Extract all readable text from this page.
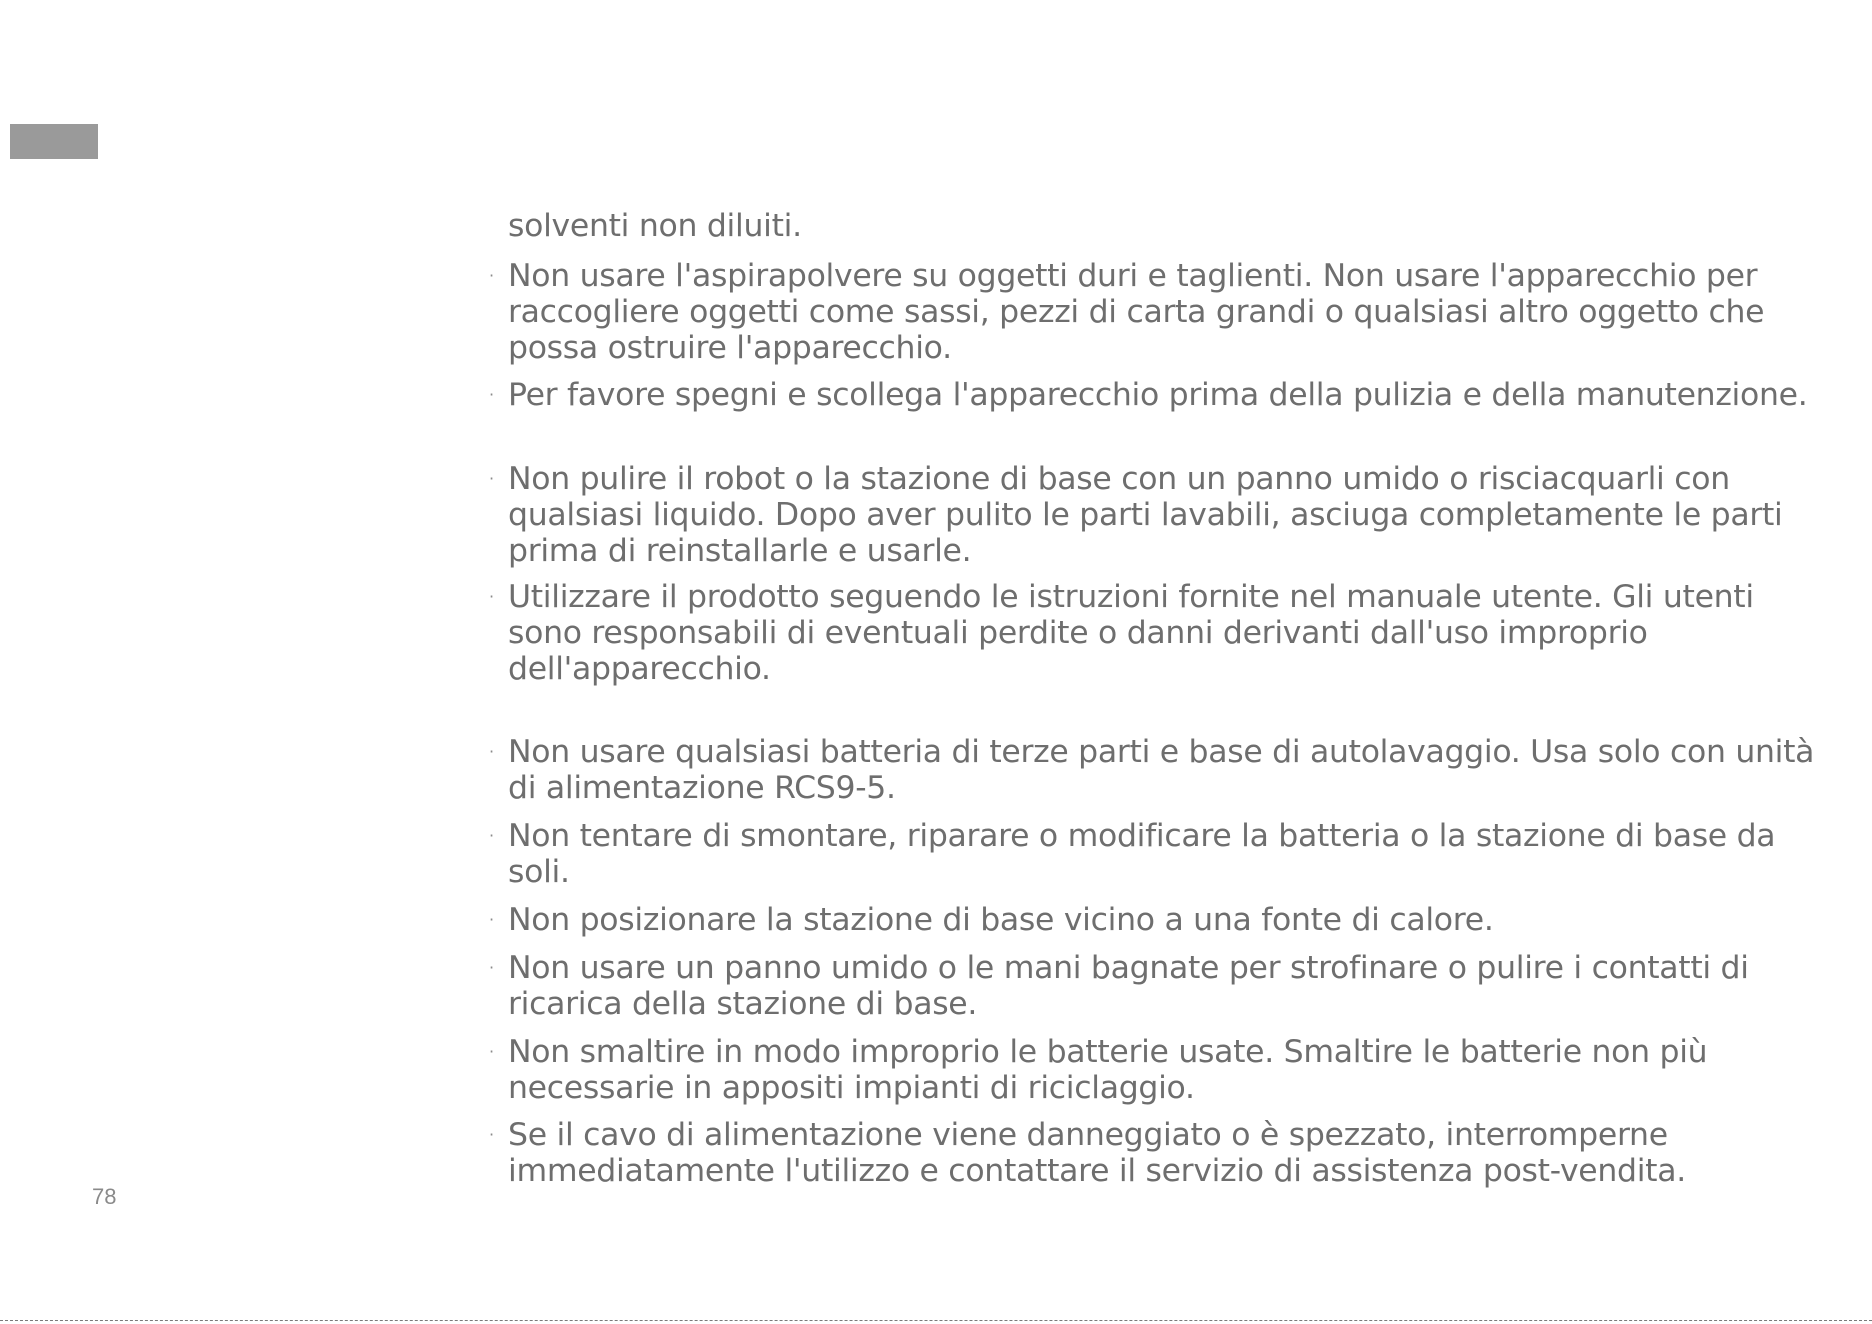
solventi non diluiti.
· Non usare l'aspirapolvere su oggetti duri e taglienti. Non usare l'apparecchio per raccogliere oggetti come sassi, pezzi di carta grandi o qualsiasi altro oggetto che possa ostruire l'apparecchio.
· Per favore spegni e scollega l'apparecchio prima della pulizia e della manutenzione.
· Non pulire il robot o la stazione di base con un panno umido o risciacquarli con qualsiasi liquido. Dopo aver pulito le parti lavabili, asciuga completamente le parti prima di reinstallarle e usarle.
· Utilizzare il prodotto seguendo le istruzioni fornite nel manuale utente. Gli utenti sono responsabili di eventuali perdite o danni derivanti dall'uso improprio dell'apparecchio.
· Non usare qualsiasi batteria di terze parti e base di autolavaggio. Usa solo con unità di alimentazione RCS9-5.
· Non tentare di smontare, riparare o modificare la batteria o la stazione di base da soli.
· Non posizionare la stazione di base vicino a una fonte di calore.
· Non usare un panno umido o le mani bagnate per strofinare o pulire i contatti di ricarica della stazione di base.
· Non smaltire in modo improprio le batterie usate. Smaltire le batterie non più necessarie in appositi impianti di riciclaggio.
· Se il cavo di alimentazione viene danneggiato o è spezzato, interromperne immediatamente l'utilizzo e contattare il servizio di assistenza post-vendita.
78
